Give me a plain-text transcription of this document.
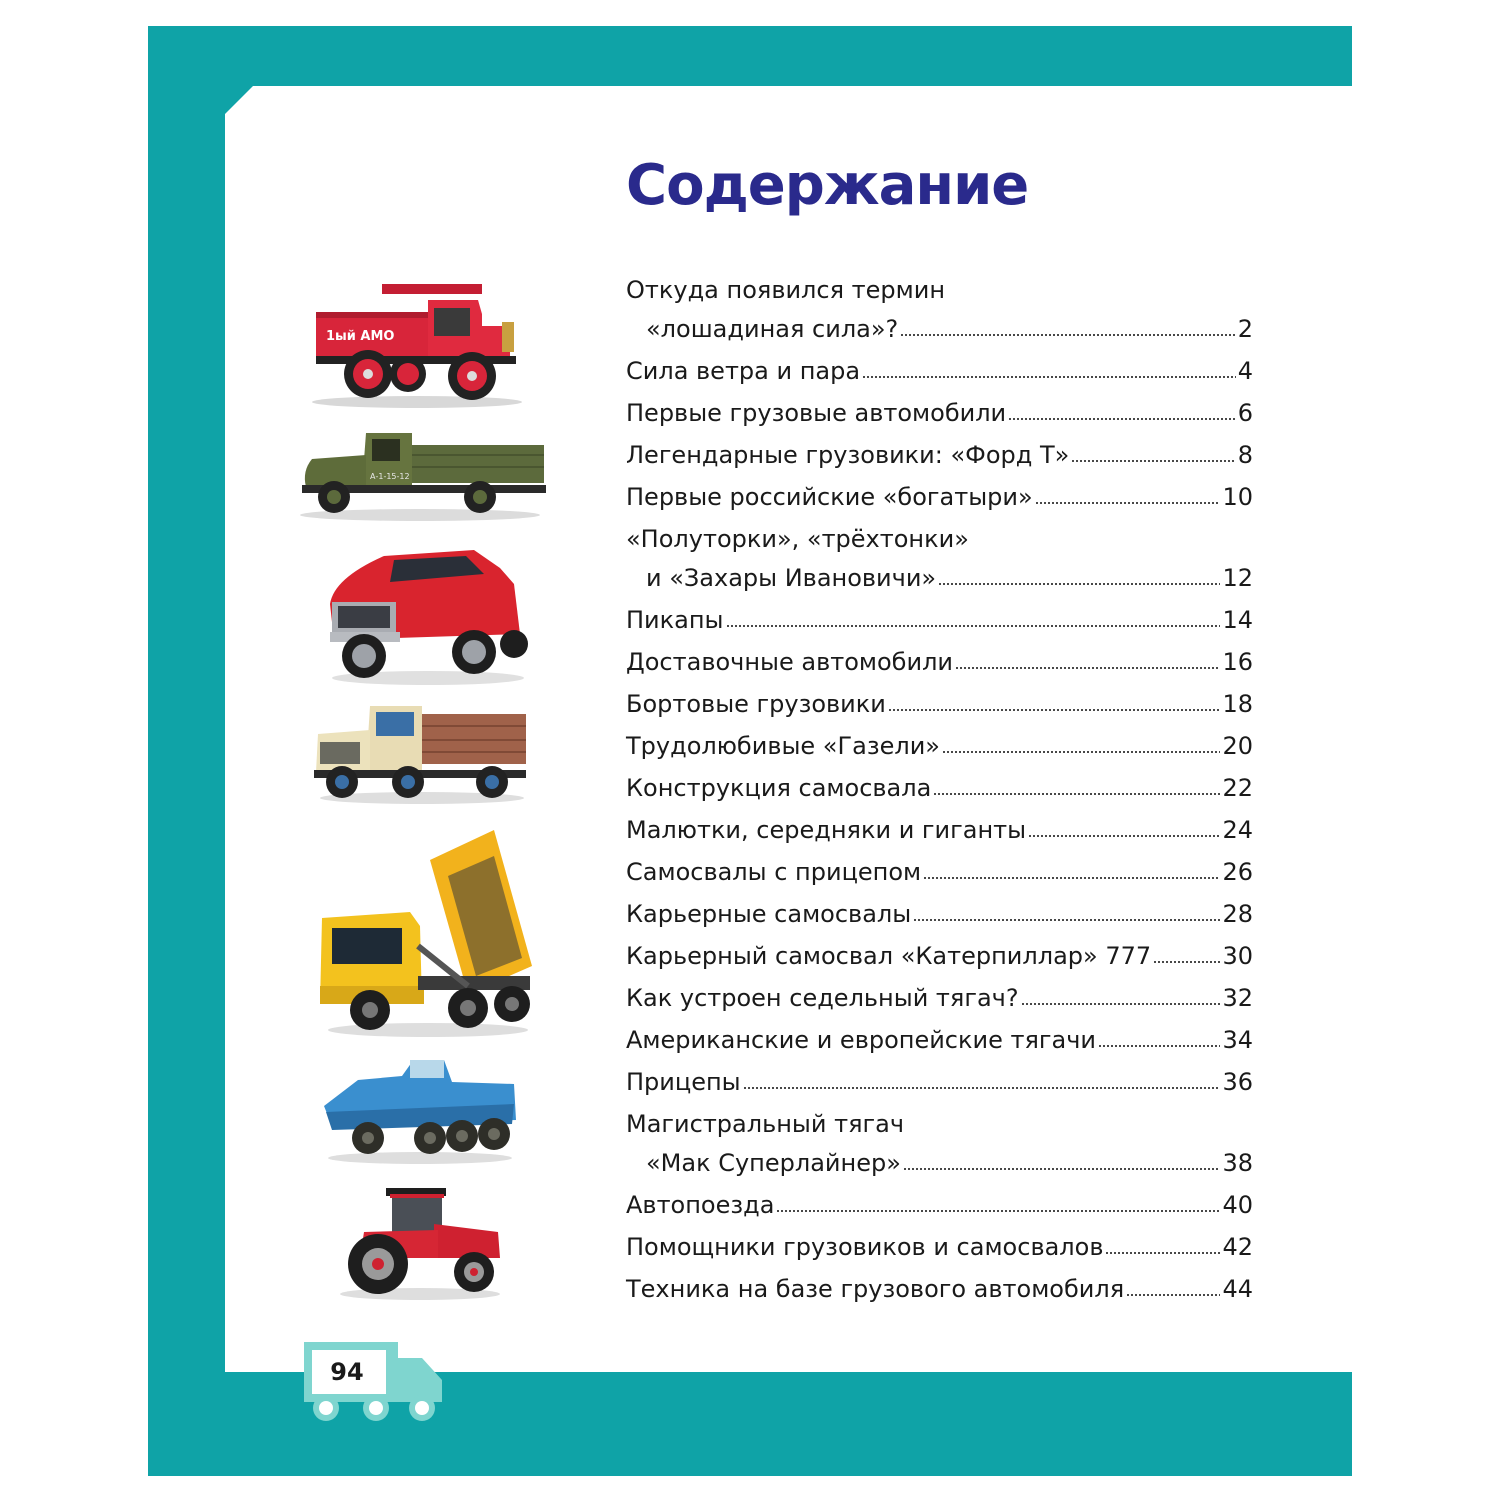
Содержание
1ый АМО
А-1-15-12
Откуда появился термин
«лошадиная сила»?	2
Сила ветра и пара	4
Первые грузовые автомобили	6
Легендарные грузовики: «Форд Т»	8
Первые российские «богатыри»	10
«Полуторки», «трёхтонки»
и «Захары Ивановичи»	12
Пикапы	14
Доставочные автомобили	16
Бортовые грузовики	18
Трудолюбивые «Газели»	20
Конструкция самосвала	22
Малютки, середняки и гиганты	24
Самосвалы с прицепом	26
Карьерные самосвалы	28
Карьерный самосвал «Катерпиллар» 777	30
Как устроен седельный тягач?	32
Американские и европейские тягачи	34
Прицепы	36
Магистральный тягач
«Мак Суперлайнер»	38
Автопоезда	40
Помощники грузовиков и самосвалов	42
Техника на базе грузового автомобиля	44
94
